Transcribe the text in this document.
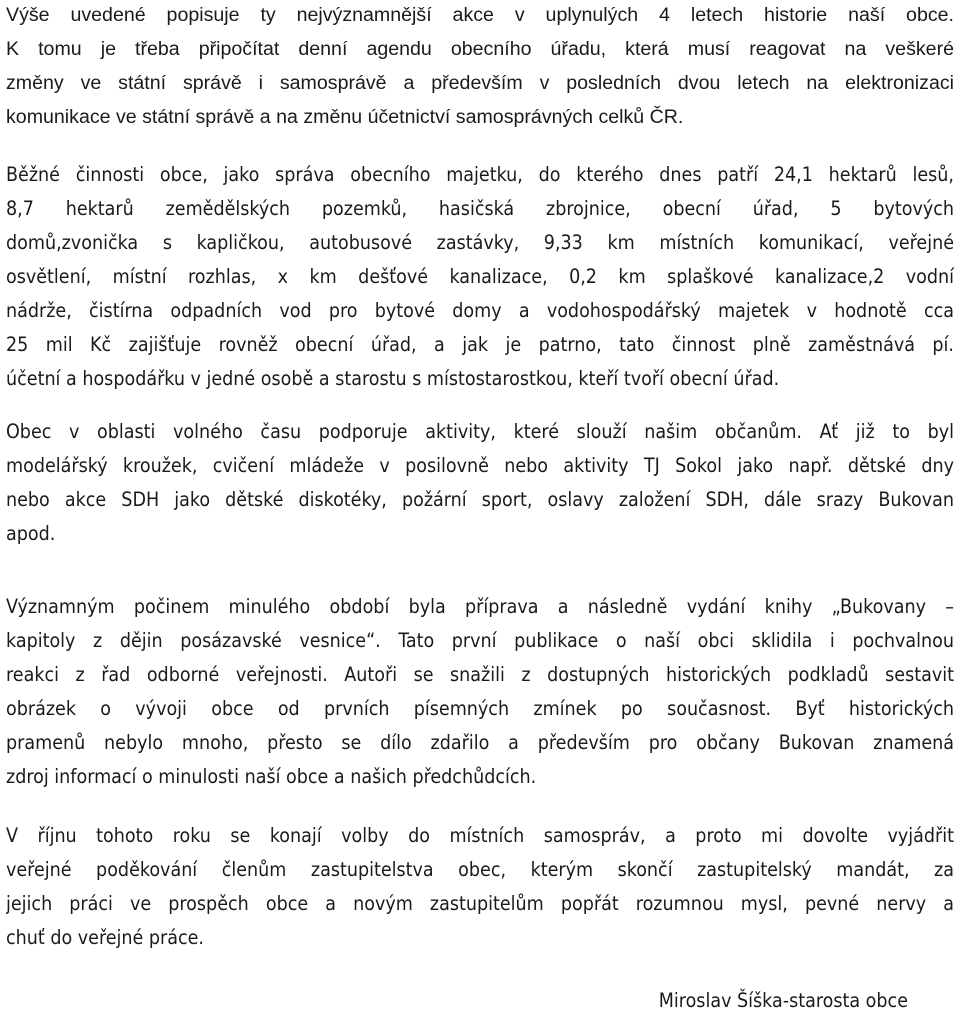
Výše uvedené popisuje ty nejvýznamnější akce v uplynulých 4 letech historie naší obce.
K tomu je třeba připočítat denní agendu obecního úřadu, která musí reagovat na veškeré
změny ve státní správě i samosprávě a především v posledních dvou letech na elektronizaci
komunikace ve státní správě a na změnu účetnictví samosprávných celků ČR.
Běžné činnosti obce, jako správa obecního majetku, do kterého dnes patří 24,1 hektarů lesů,
8,7 hektarů zemědělských pozemků, hasičská zbrojnice, obecní úřad, 5 bytových
domů,zvonička s kapličkou, autobusové zastávky, 9,33 km místních komunikací, veřejné
osvětlení, místní rozhlas, x km dešťové kanalizace, 0,2 km splaškové kanalizace,2 vodní
nádrže, čistírna odpadních vod pro bytové domy a vodohospodářský majetek v hodnotě cca
25 mil Kč zajišťuje rovněž obecní úřad, a jak je patrno, tato činnost plně zaměstnává pí.
účetní a hospodářku v jedné osobě a starostu s místostarostkou, kteří tvoří obecní úřad.
Obec v oblasti volného času podporuje aktivity, které slouží našim občanům. Ať již to byl
modelářský kroužek, cvičení mládeže v posilovně nebo aktivity TJ Sokol jako např. dětské dny
nebo akce SDH jako dětské diskotéky, požární sport, oslavy založení SDH, dále srazy Bukovan
apod.
Významným počinem minulého období byla příprava a následně vydání knihy „Bukovany –
kapitoly z dějin posázavské vesnice“. Tato první publikace o naší obci sklidila i pochvalnou
reakci z řad odborné veřejnosti. Autoři se snažili z dostupných historických podkladů sestavit
obrázek o vývoji obce od prvních písemných zmínek po současnost. Byť historických
pramenů nebylo mnoho, přesto se dílo zdařilo a především pro občany Bukovan znamená
zdroj informací o minulosti naší obce a našich předchůdcích.
V říjnu tohoto roku se konají volby do místních samospráv, a proto mi dovolte vyjádřit
veřejné poděkování členům zastupitelstva obec, kterým skončí zastupitelský mandát, za
jejich práci ve prospěch obce a novým zastupitelům popřát rozumnou mysl, pevné nervy a
chuť do veřejné práce.
Miroslav Šíška-starosta obce
